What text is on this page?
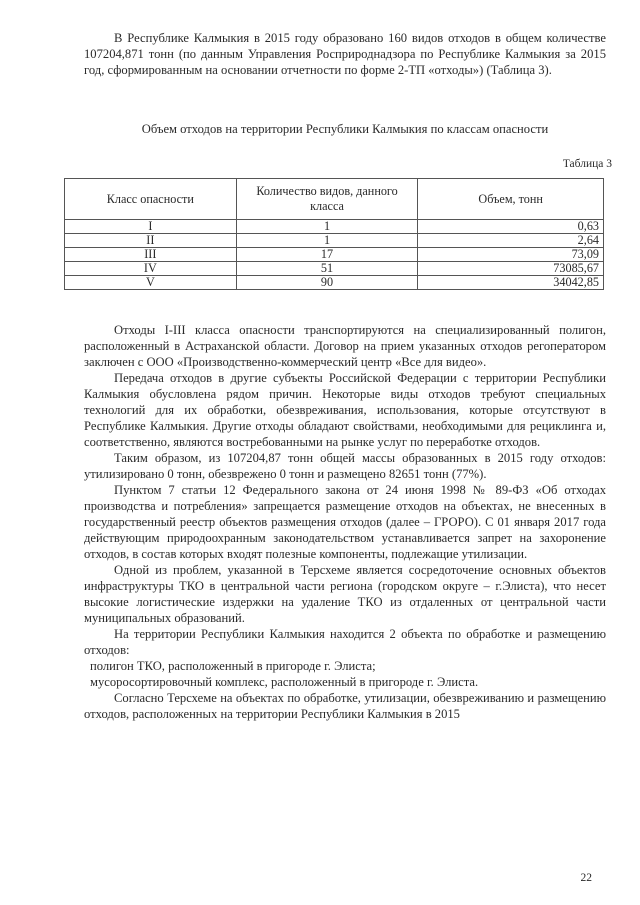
В Республике Калмыкия в 2015 году образовано 160 видов отходов в общем количестве 107204,871 тонн (по данным Управления Росприроднадзора по Республике Калмыкия за 2015 год, сформированным на основании отчетности по форме 2-ТП «отходы») (Таблица 3).

Объем отходов на территории Республики Калмыкия по классам опасности
Таблица 3
Класс опасности	Количество видов, данного класса	Объем, тонн
I	1	0,63
II	1	2,64
III	17	73,09
IV	51	73085,67
V	90	34042,85

Отходы I-III класса опасности транспортируются на специализированный полигон, расположенный в Астраханской области. Договор на прием указанных отходов регоператором заключен с ООО «Производственно-коммерческий центр «Все для видео».

Передача отходов в другие субъекты Российской Федерации с территории Республики Калмыкия обусловлена рядом причин. Некоторые виды отходов требуют специальных технологий для их обработки, обезвреживания, использования, которые отсутствуют в Республике Калмыкия. Другие отходы обладают свойствами, необходимыми для рециклинга и, соответственно, являются востребованными на рынке услуг по переработке отходов.

Таким образом, из 107204,87 тонн общей массы образованных в 2015 году отходов: утилизировано 0 тонн, обезврежено 0 тонн и размещено 82651 тонн (77%).

Пунктом 7 статьи 12 Федерального закона от 24 июня 1998 № 89-ФЗ «Об отходах производства и потребления» запрещается размещение отходов на объектах, не внесенных в государственный реестр объектов размещения отходов (далее – ГРОРО). С 01 января 2017 года действующим природоохранным законодательством устанавливается запрет на захоронение отходов, в состав которых входят полезные компоненты, подлежащие утилизации.

Одной из проблем, указанной в Терсхеме является сосредоточение основных объектов инфраструктуры ТКО в центральной части региона (городском округе – г.Элиста), что несет высокие логистические издержки на удаление ТКО из отдаленных от центральной части муниципальных образований.

На территории Республики Калмыкия находится 2 объекта по обработке и размещению отходов:

полигон ТКО, расположенный в пригороде г. Элиста;

мусоросортировочный комплекс, расположенный в пригороде г. Элиста.

Согласно Терсхеме на объектах по обработке, утилизации, обезвреживанию и размещению отходов, расположенных на территории Республики Калмыкия в 2015

22
